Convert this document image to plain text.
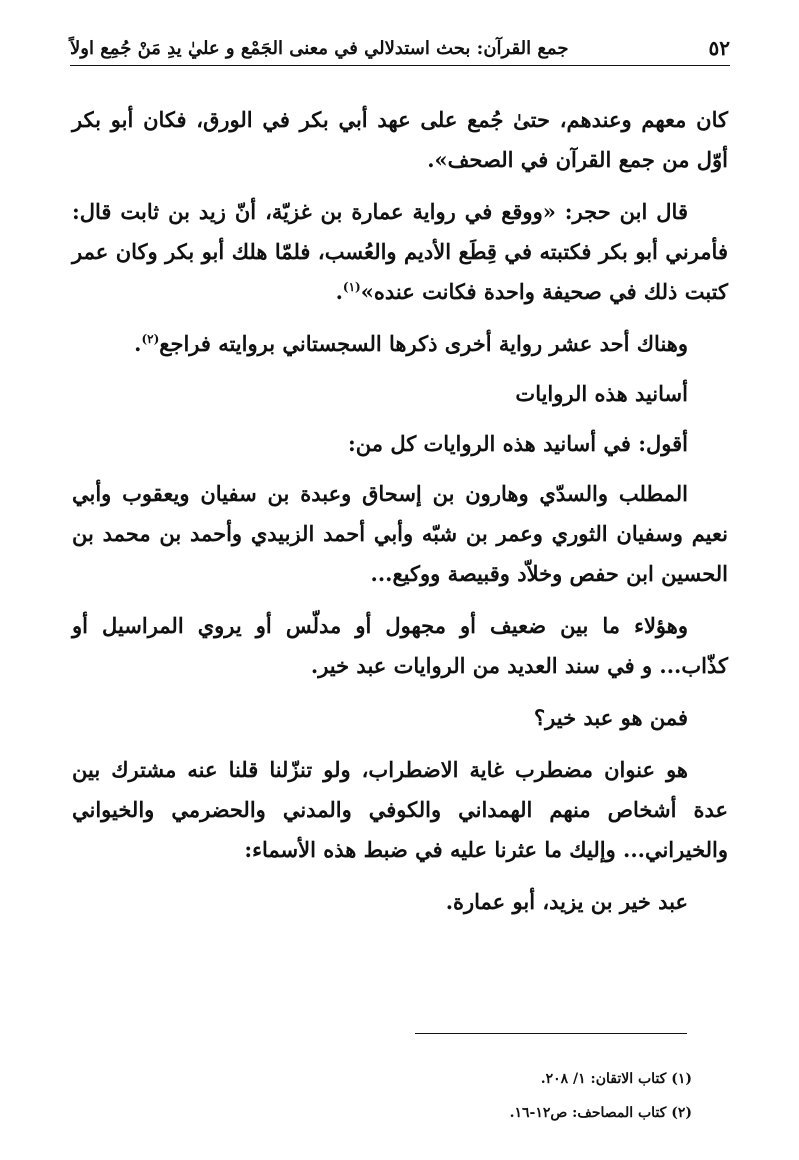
٥٢
جمع القرآن: بحث استدلالي في معنى الجَمْع و عليٰ يدِ مَنْ جُمِع اولاً

كان معهم وعندهم، حتىٰ جُمع على عهد أبي بكر في الورق، فكان أبو بكر أوّل من جمع القرآن في الصحف».

قال ابن حجر: «ووقع في رواية عمارة بن غزيّة، أنّ زيد بن ثابت قال: فأمرني أبو بكر فكتبته في قِطَع الأديم والعُسب، فلمّا هلك أبو بكر وكان عمر كتبت ذلك في صحيفة واحدة فكانت عنده»$^{(١)}$.

وهناك أحد عشر رواية أخرى ذكرها السجستاني بروايته فراجع$^{(٢)}$.

أسانيد هذه الروايات

أقول: في أسانيد هذه الروايات كل من:

المطلب والسدّي وهارون بن إسحاق وعبدة بن سفيان ويعقوب وأبي نعيم وسفيان الثوري وعمر بن شبّه وأبي أحمد الزبيدي وأحمد بن محمد بن الحسين ابن حفص وخلاّد وقبيصة ووكيع...

وهؤلاء ما بين ضعيف أو مجهول أو مدلّس أو يروي المراسيل أو كذّاب... و في سند العديد من الروايات عبد خير.

فمن هو عبد خير؟

هو عنوان مضطرب غاية الاضطراب، ولو تنزّلنا قلنا عنه مشترك بين عدة أشخاص منهم الهمداني والكوفي والمدني والحضرمي والخيواني والخيراني... وإليك ما عثرنا عليه في ضبط هذه الأسماء:

عبد خير بن يزيد، أبو عمارة.

(١) كتاب الاتقان: ١/ ٢٠٨.

(٢) كتاب المصاحف: ص١٢-١٦.
